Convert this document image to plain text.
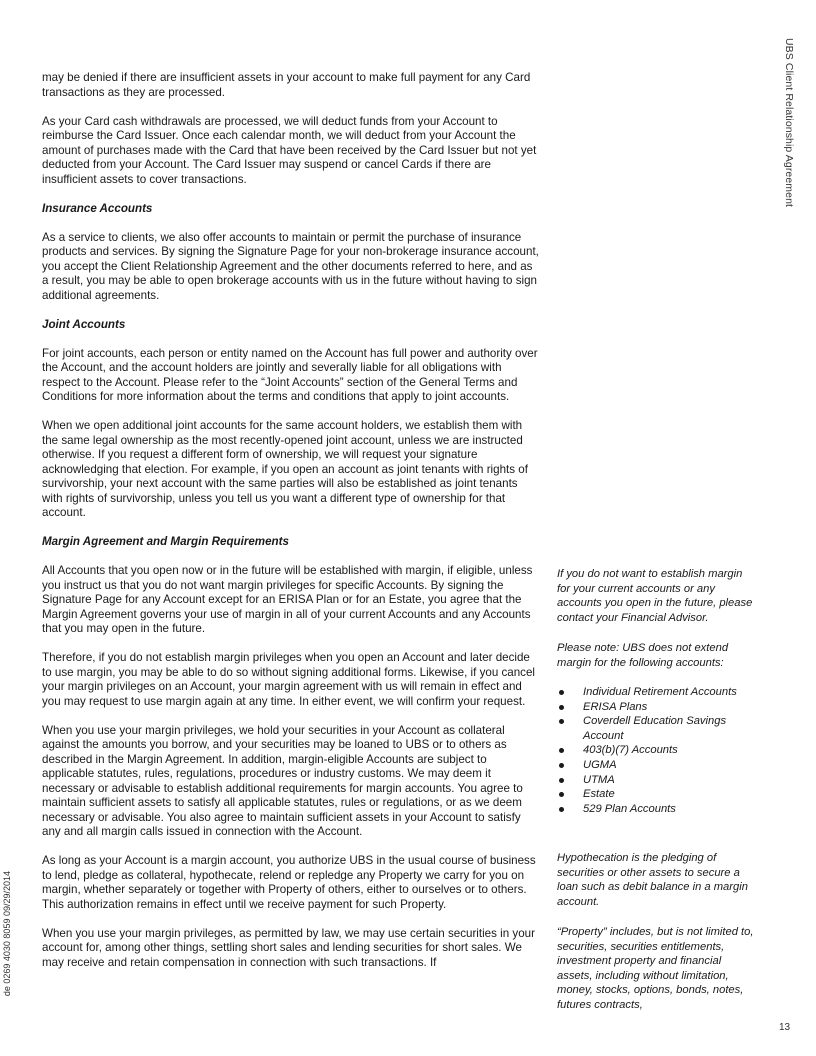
UBS Client Relationship Agreement
de 0269 4030 8059 09/29/2014

may be denied if there are insufficient assets in your account to make full payment for any Card transactions as they are processed.

As your Card cash withdrawals are processed, we will deduct funds from your Account to reimburse the Card Issuer. Once each calendar month, we will deduct from your Account the amount of purchases made with the Card that have been received by the Card Issuer but not yet deducted from your Account. The Card Issuer may suspend or cancel Cards if there are insufficient assets to cover transactions.

Insurance Accounts

As a service to clients, we also offer accounts to maintain or permit the purchase of insurance products and services. By signing the Signature Page for your non-brokerage insurance account, you accept the Client Relationship Agreement and the other documents referred to here, and as a result, you may be able to open brokerage accounts with us in the future without having to sign additional agreements.

Joint Accounts

For joint accounts, each person or entity named on the Account has full power and authority over the Account, and the account holders are jointly and severally liable for all obligations with respect to the Account. Please refer to the “Joint Accounts” section of the General Terms and Conditions for more information about the terms and conditions that apply to joint accounts.

When we open additional joint accounts for the same account holders, we establish them with the same legal ownership as the most recently-opened joint account, unless we are instructed otherwise. If you request a different form of ownership, we will request your signature acknowledging that election. For example, if you open an account as joint tenants with rights of survivorship, your next account with the same parties will also be established as joint tenants with rights of survivorship, unless you tell us you want a different type of ownership for that account.

Margin Agreement and Margin Requirements

All Accounts that you open now or in the future will be established with margin, if eligible, unless you instruct us that you do not want margin privileges for specific Accounts. By signing the Signature Page for any Account except for an ERISA Plan or for an Estate, you agree that the Margin Agreement governs your use of margin in all of your current Accounts and any Accounts that you may open in the future.

Therefore, if you do not establish margin privileges when you open an Account and later decide to use margin, you may be able to do so without signing additional forms. Likewise, if you cancel your margin privileges on an Account, your margin agreement with us will remain in effect and you may request to use margin again at any time. In either event, we will confirm your request.

When you use your margin privileges, we hold your securities in your Account as collateral against the amounts you borrow, and your securities may be loaned to UBS or to others as described in the Margin Agreement. In addition, margin-eligible Accounts are subject to applicable statutes, rules, regulations, procedures or industry customs. We may deem it necessary or advisable to establish additional requirements for margin accounts. You agree to maintain sufficient assets to satisfy all applicable statutes, rules or regulations, or as we deem necessary or advisable. You also agree to maintain sufficient assets in your Account to satisfy any and all margin calls issued in connection with the Account.

As long as your Account is a margin account, you authorize UBS in the usual course of business to lend, pledge as collateral, hypothecate, relend or repledge any Property we carry for you on margin, whether separately or together with Property of others, either to ourselves or to others. This authorization remains in effect until we receive payment for such Property.

When you use your margin privileges, as permitted by law, we may use certain securities in your account for, among other things, settling short sales and lending securities for short sales. We may receive and retain compensation in connection with such transactions. If

If you do not want to establish margin for your current accounts or any accounts you open in the future, please contact your Financial Advisor.

Please note: UBS does not extend margin for the following accounts:

Individual Retirement Accounts
ERISA Plans
Coverdell Education Savings Account
403(b)(7) Accounts
UGMA
UTMA
Estate
529 Plan Accounts

Hypothecation is the pledging of securities or other assets to secure a loan such as debit balance in a margin account.

“Property” includes, but is not limited to, securities, securities entitlements, investment property and financial assets, including without limitation, money, stocks, options, bonds, notes, futures contracts,

13
